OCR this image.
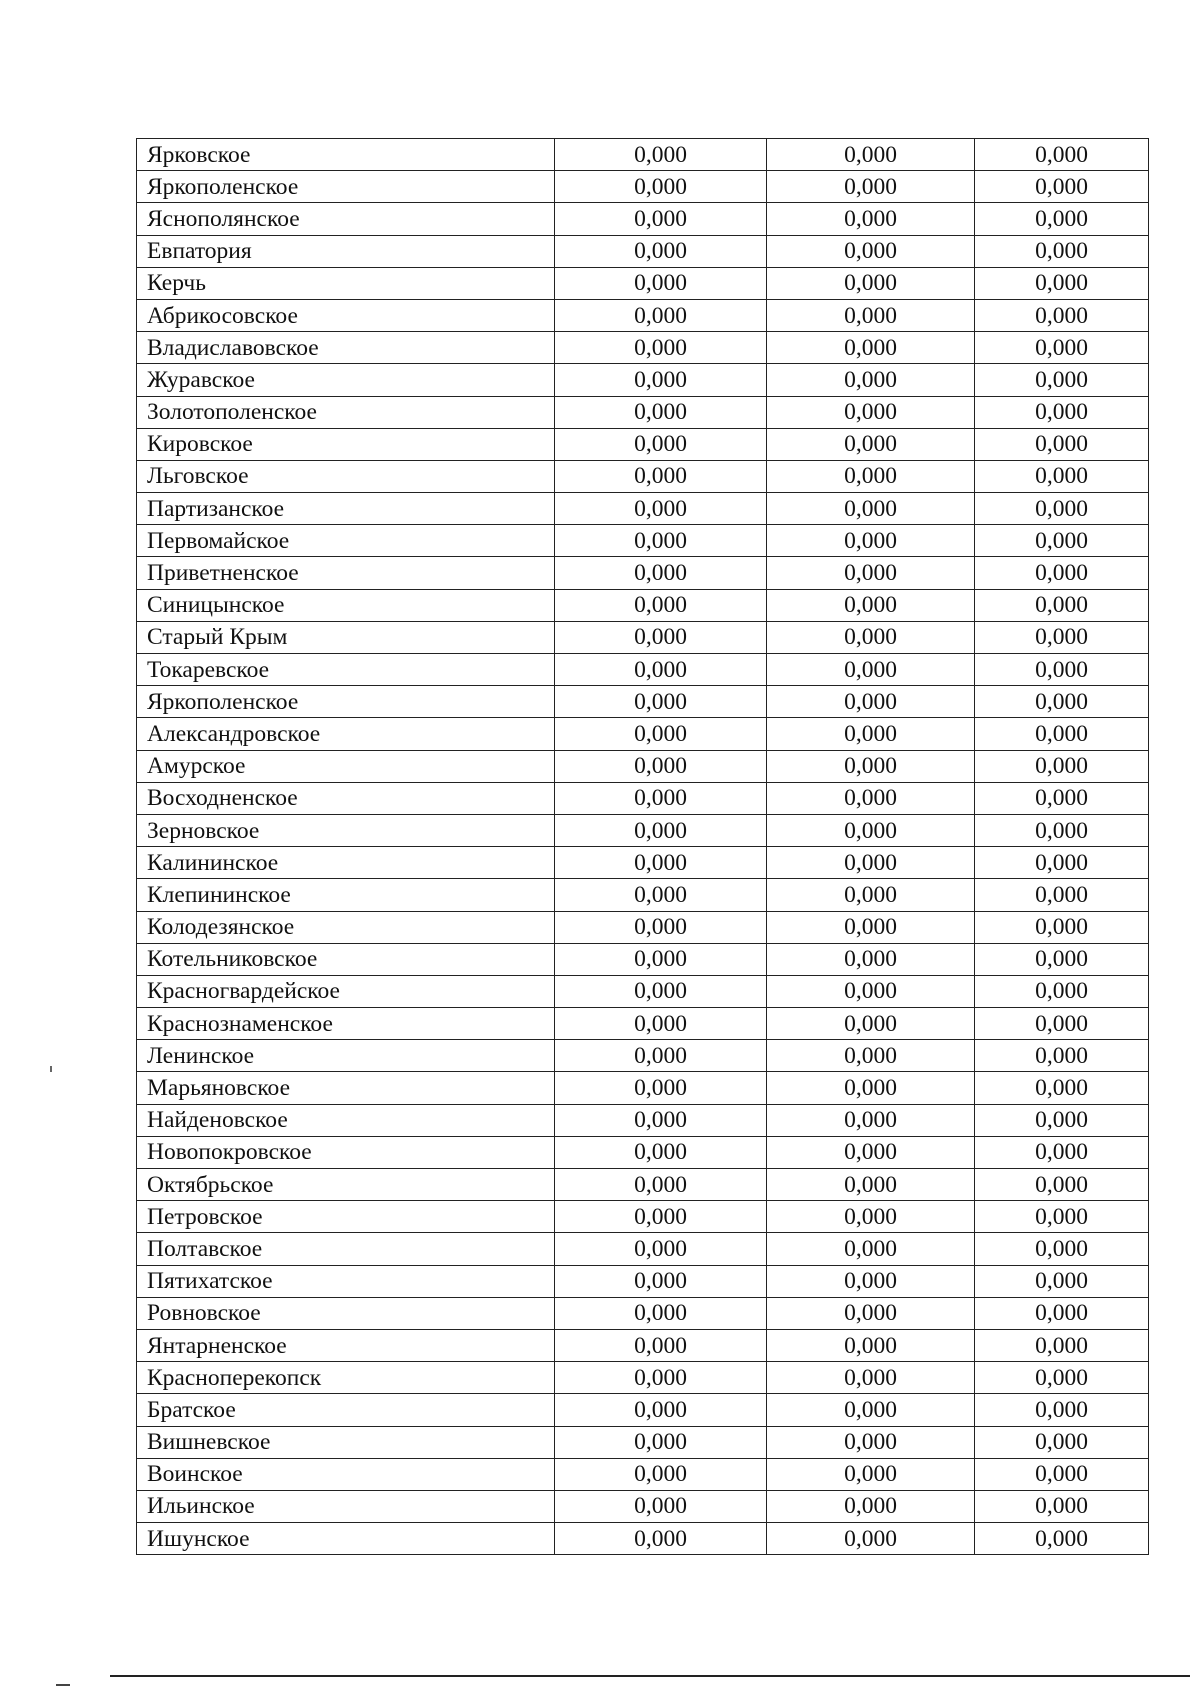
Ярковское	0,000	0,000	0,000
Яркополенское	0,000	0,000	0,000
Яснополянское	0,000	0,000	0,000
Евпатория	0,000	0,000	0,000
Керчь	0,000	0,000	0,000
Абрикосовское	0,000	0,000	0,000
Владиславовское	0,000	0,000	0,000
Журавское	0,000	0,000	0,000
Золотополенское	0,000	0,000	0,000
Кировское	0,000	0,000	0,000
Льговское	0,000	0,000	0,000
Партизанское	0,000	0,000	0,000
Первомайское	0,000	0,000	0,000
Приветненское	0,000	0,000	0,000
Синицынское	0,000	0,000	0,000
Старый Крым	0,000	0,000	0,000
Токаревское	0,000	0,000	0,000
Яркополенское	0,000	0,000	0,000
Александровское	0,000	0,000	0,000
Амурское	0,000	0,000	0,000
Восходненское	0,000	0,000	0,000
Зерновское	0,000	0,000	0,000
Калининское	0,000	0,000	0,000
Клепининское	0,000	0,000	0,000
Колодезянское	0,000	0,000	0,000
Котельниковское	0,000	0,000	0,000
Красногвардейское	0,000	0,000	0,000
Краснознаменское	0,000	0,000	0,000
Ленинское	0,000	0,000	0,000
Марьяновское	0,000	0,000	0,000
Найденовское	0,000	0,000	0,000
Новопокровское	0,000	0,000	0,000
Октябрьское	0,000	0,000	0,000
Петровское	0,000	0,000	0,000
Полтавское	0,000	0,000	0,000
Пятихатское	0,000	0,000	0,000
Ровновское	0,000	0,000	0,000
Янтарненское	0,000	0,000	0,000
Красноперекопск	0,000	0,000	0,000
Братское	0,000	0,000	0,000
Вишневское	0,000	0,000	0,000
Воинское	0,000	0,000	0,000
Ильинское	0,000	0,000	0,000
Ишунское	0,000	0,000	0,000
